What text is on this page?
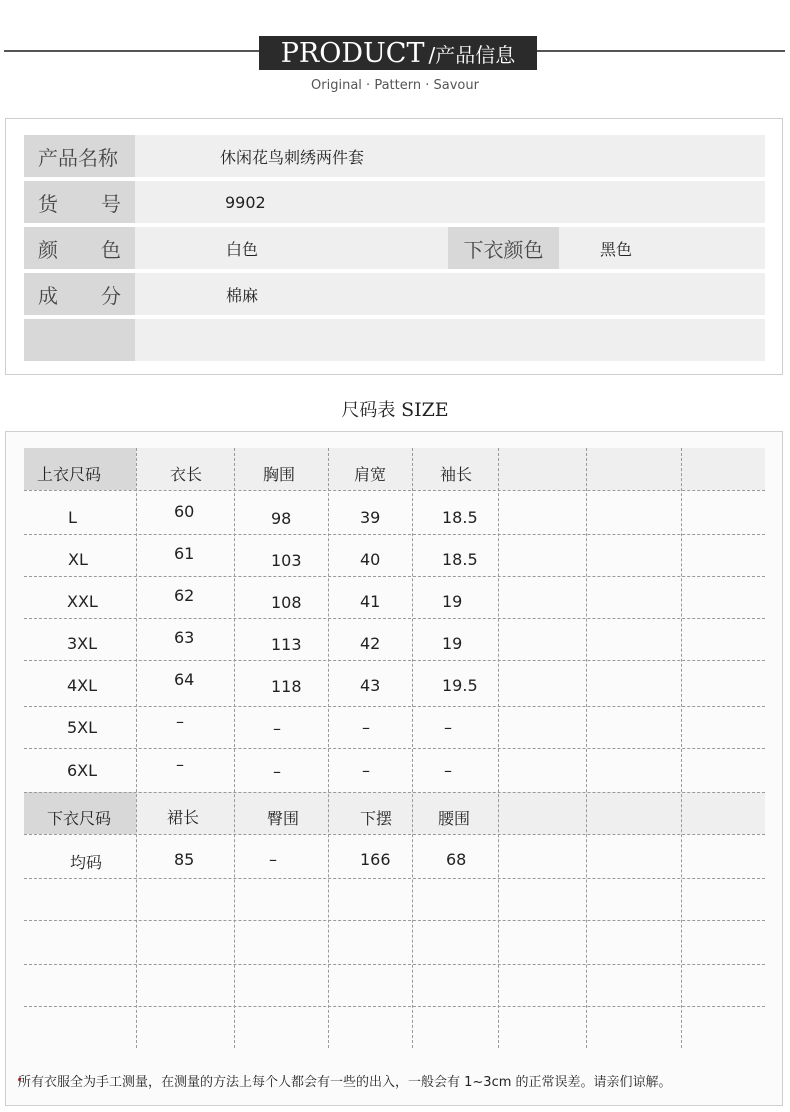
PRODUCT /产品信息
Original · Pattern · Savour
产品名称	休闲花鸟刺绣两件套
货 号	9902
颜 色	白色	下衣颜色	黑色
成 分	棉麻
尺码表 SIZE
上衣尺码	衣长	胸围	肩宽	袖长
L	60	98	39	18.5
XL	61	103	40	18.5
XXL	62	108	41	19
3XL	63	113	42	19
4XL	64	118	43	19.5
5XL	–	–	–	–
6XL	–	–	–	–
下衣尺码	裙长	臀围	下摆	腰围
均码	85	–	166	68
所有衣服全为手工测量，在测量的方法上每个人都会有一些的出入，一般会有 1~3cm 的正常误差。请亲们谅解。
